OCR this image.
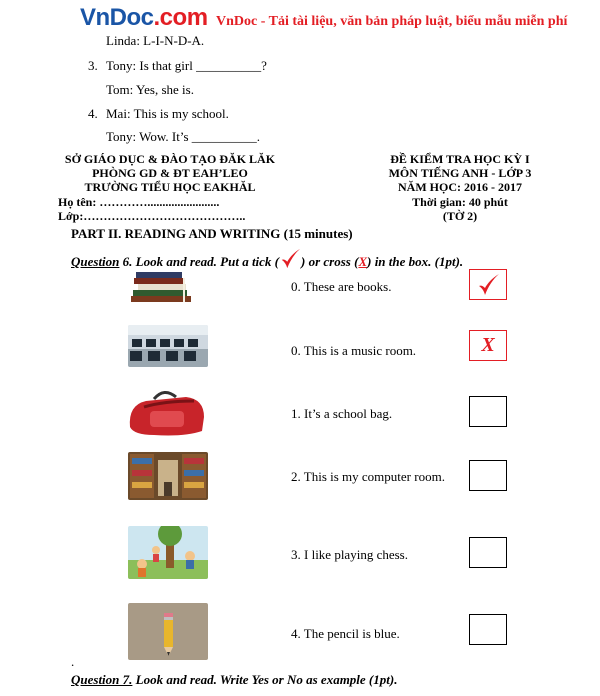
VnDoc.com VnDoc - Tải tài liệu, văn bản pháp luật, biểu mẫu miễn phí
Linda: L-I-N-D-A.
3. Tony: Is that girl __________?
Tom: Yes, she is.
4. Mai: This is my school.
Tony: Wow. It’s __________.
SỞ GIÁO DỤC & ĐÀO TẠO ĐĂK LĂK
PHÒNG GD & ĐT EAH’LEO
TRƯỜNG TIỂU HỌC EAKHĂL
Họ tên: …………........................
Lớp:…………………………………..
ĐỀ KIỂM TRA HỌC KỲ I
MÔN TIẾNG ANH - LỚP 3
NĂM HỌC: 2016 - 2017
Thời gian: 40 phút
(TỜ 2)
PART II. READING AND WRITING (15 minutes)
Question 6. Look and read. Put a tick ( ) or cross (X) in the box. (1pt).
0. These are books.
0. This is a music room.	X
1. It’s a school bag.
2. This is my computer room.
3. I like playing chess.
4. The pencil is blue.
.
Question 7. Look and read. Write Yes or No as example (1pt).
